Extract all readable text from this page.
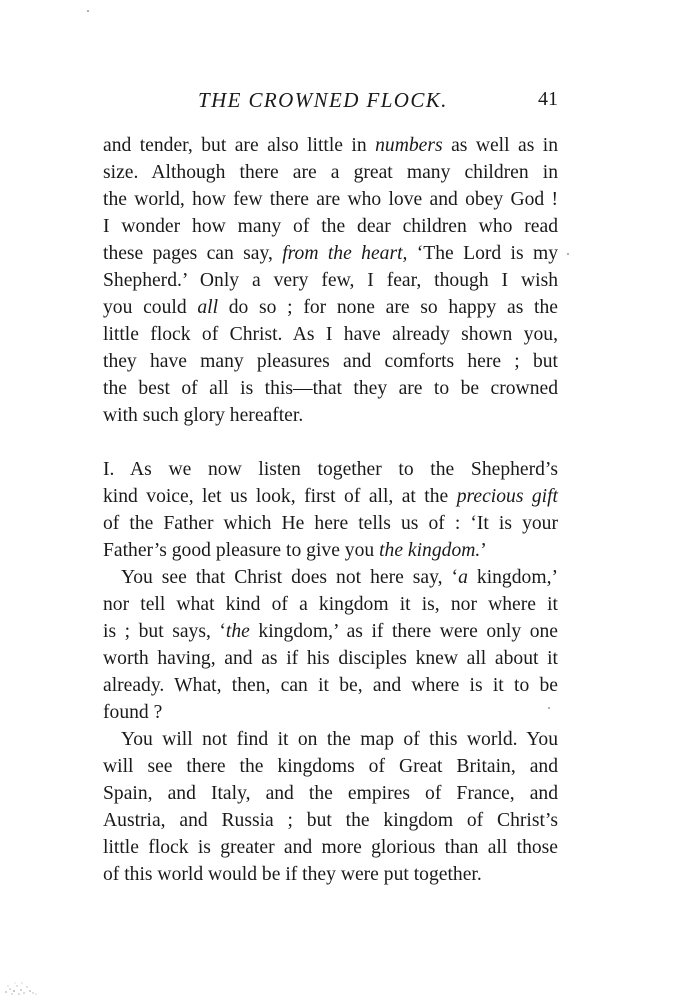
THE CROWNED FLOCK.	41
and tender, but are also little in numbers as well as in
size. Although there are a great many children in
the world, how few there are who love and obey God !
I wonder how many of the dear children who read
these pages can say, from the heart, ‘The Lord is my
Shepherd.’ Only a very few, I fear, though I wish
you could all do so ; for none are so happy as the
little flock of Christ. As I have already shown you,
they have many pleasures and comforts here ; but
the best of all is this—that they are to be crowned
with such glory hereafter.
I. As we now listen together to the Shepherd’s
kind voice, let us look, first of all, at the precious gift
of the Father which He here tells us of : ‘It is your
Father’s good pleasure to give you the kingdom.’
You see that Christ does not here say, ‘a kingdom,’
nor tell what kind of a kingdom it is, nor where it
is ; but says, ‘the kingdom,’ as if there were only one
worth having, and as if his disciples knew all about it
already. What, then, can it be, and where is it to be
found ?
You will not find it on the map of this world. You
will see there the kingdoms of Great Britain, and
Spain, and Italy, and the empires of France, and
Austria, and Russia ; but the kingdom of Christ’s
little flock is greater and more glorious than all those
of this world would be if they were put together.
